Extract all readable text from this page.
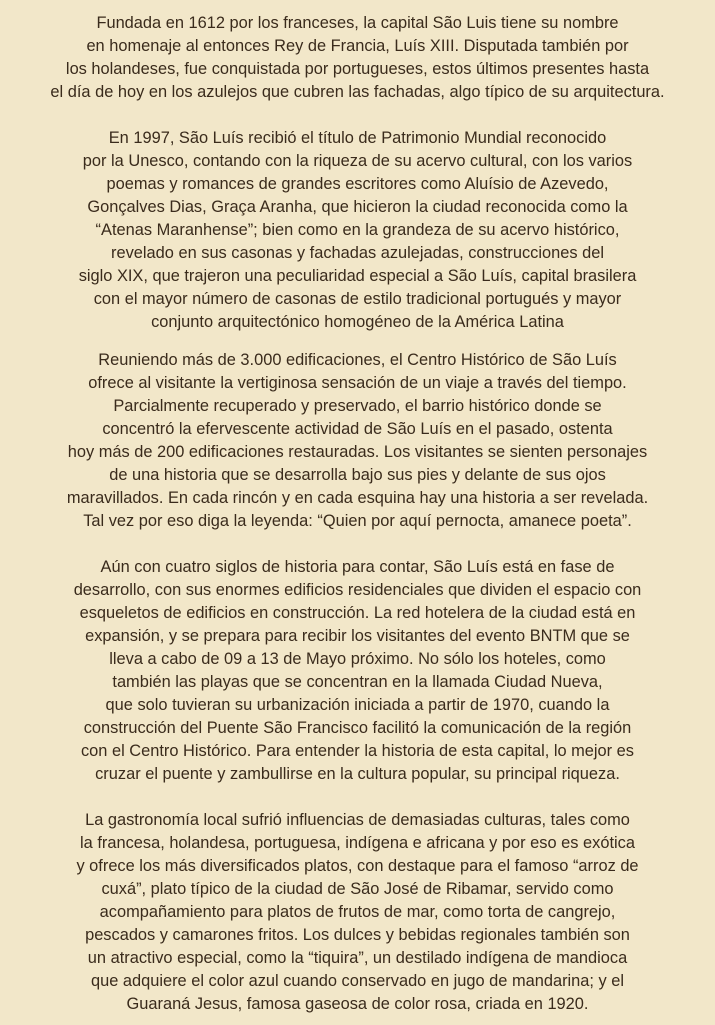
Fundada en 1612 por los franceses, la capital São Luis tiene su nombre
en homenaje al entonces Rey de Francia, Luís XIII. Disputada también por
los holandeses, fue conquistada por portugueses, estos últimos presentes hasta
el día de hoy en los azulejos que cubren las fachadas, algo típico de su arquitectura.

En 1997, São Luís recibió el título de Patrimonio Mundial reconocido
por la Unesco, contando con la riqueza de su acervo cultural, con los varios
poemas y romances de grandes escritores como Aluísio de Azevedo,
Gonçalves Dias, Graça Aranha, que hicieron la ciudad reconocida como la
“Atenas Maranhense”; bien como en la grandeza de su acervo histórico,
revelado en sus casonas y fachadas azulejadas, construcciones del
siglo XIX, que trajeron una peculiaridad especial a São Luís, capital brasilera
con el mayor número de casonas de estilo tradicional portugués y mayor
conjunto arquitectónico homogéneo de la América Latina

Reuniendo más de 3.000 edificaciones, el Centro Histórico de São Luís
ofrece al visitante la vertiginosa sensación de un viaje a través del tiempo.
Parcialmente recuperado y preservado, el barrio histórico donde se
concentró la efervescente actividad de São Luís en el pasado, ostenta
hoy más de 200 edificaciones restauradas. Los visitantes se sienten personajes
de una historia que se desarrolla bajo sus pies y delante de sus ojos
maravillados. En cada rincón y en cada esquina hay una historia a ser revelada.
Tal vez por eso diga la leyenda: “Quien por aquí pernocta, amanece poeta”.

Aún con cuatro siglos de historia para contar, São Luís está en fase de
desarrollo, con sus enormes edificios residenciales que dividen el espacio con
esqueletos de edificios en construcción. La red hotelera de la ciudad está en
expansión, y se prepara para recibir los visitantes del evento BNTM que se
lleva a cabo de 09 a 13 de Mayo próximo. No sólo los hoteles, como
también las playas que se concentran en la llamada Ciudad Nueva,
que solo tuvieran su urbanización iniciada a partir de 1970, cuando la
construcción del Puente São Francisco facilitó la comunicación de la región
con el Centro Histórico. Para entender la historia de esta capital, lo mejor es
cruzar el puente y zambullirse en la cultura popular, su principal riqueza.

La gastronomía local sufrió influencias de demasiadas culturas, tales como
la francesa, holandesa, portuguesa, indígena e africana y por eso es exótica
y ofrece los más diversificados platos, con destaque para el famoso “arroz de
cuxá”, plato típico de la ciudad de São José de Ribamar, servido como
acompañamiento para platos de frutos de mar, como torta de cangrejo,
pescados y camarones fritos. Los dulces y bebidas regionales también son
un atractivo especial, como la “tiquira”, un destilado indígena de mandioca
que adquiere el color azul cuando conservado en jugo de mandarina; y el
Guaraná Jesus, famosa gaseosa de color rosa, criada en 1920.
